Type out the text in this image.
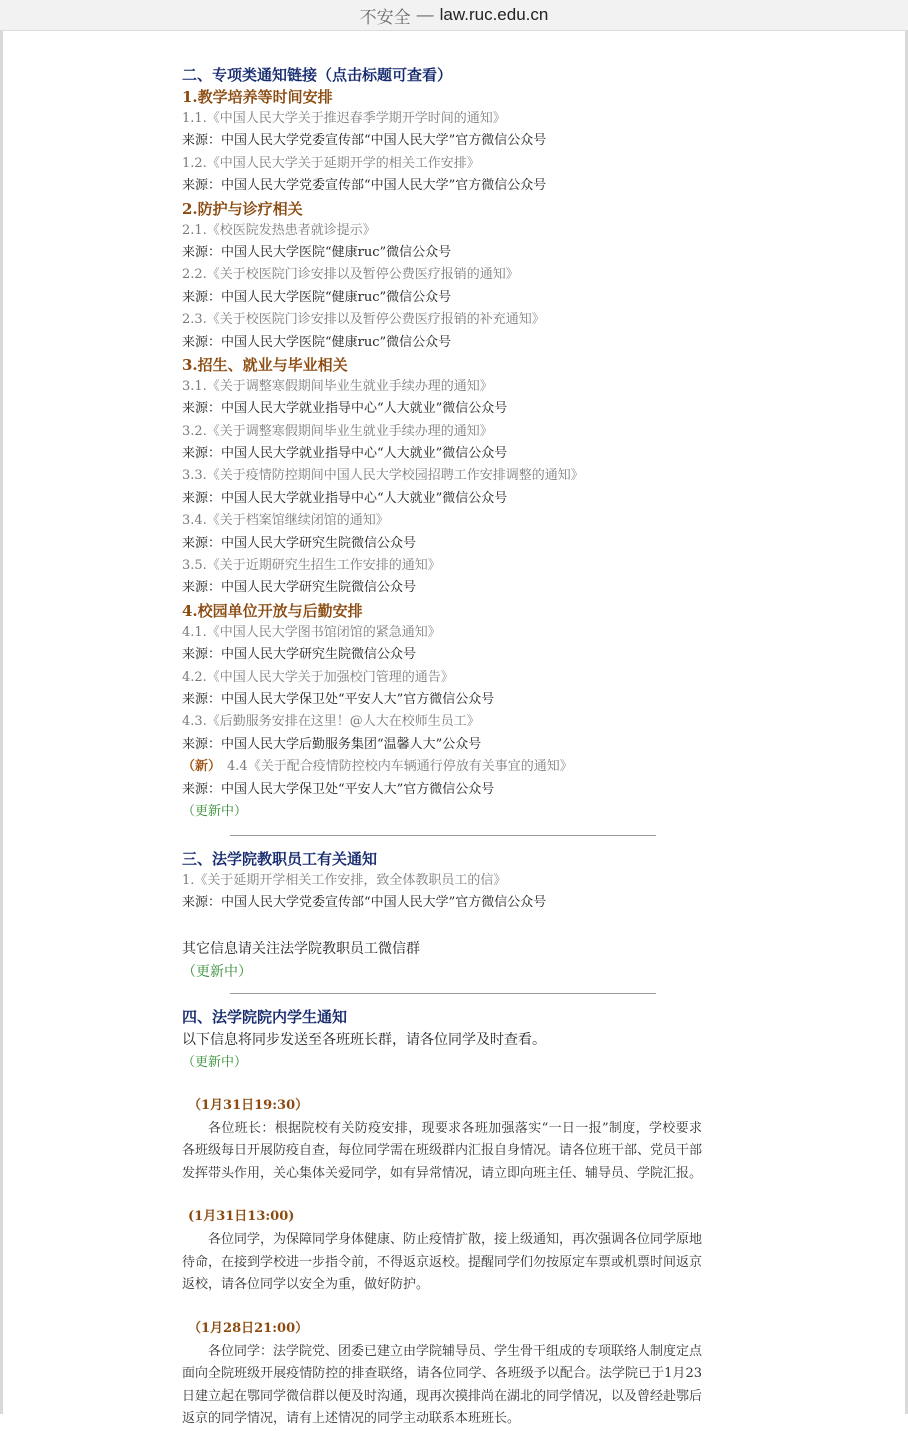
不安全 — law.ruc.edu.cn
二、专项类通知链接（点击标题可查看）
1.教学培养等时间安排
1.1.《中国人民大学关于推迟春季学期开学时间的通知》
来源：中国人民大学党委宣传部“中国人民大学”官方微信公众号
1.2.《中国人民大学关于延期开学的相关工作安排》
来源：中国人民大学党委宣传部“中国人民大学”官方微信公众号
2.防护与诊疗相关
2.1.《校医院发热患者就诊提示》
来源：中国人民大学医院“健康ruc”微信公众号
2.2.《关于校医院门诊安排以及暂停公费医疗报销的通知》
来源：中国人民大学医院“健康ruc”微信公众号
2.3.《关于校医院门诊安排以及暂停公费医疗报销的补充通知》
来源：中国人民大学医院“健康ruc”微信公众号
3.招生、就业与毕业相关
3.1.《关于调整寒假期间毕业生就业手续办理的通知》
来源：中国人民大学就业指导中心“人大就业”微信公众号
3.2.《关于调整寒假期间毕业生就业手续办理的通知》
来源：中国人民大学就业指导中心“人大就业”微信公众号
3.3.《关于疫情防控期间中国人民大学校园招聘工作安排调整的通知》
来源：中国人民大学就业指导中心“人大就业”微信公众号
3.4.《关于档案馆继续闭馆的通知》
来源：中国人民大学研究生院微信公众号
3.5.《关于近期研究生招生工作安排的通知》
来源：中国人民大学研究生院微信公众号
4.校园单位开放与后勤安排
4.1.《中国人民大学图书馆闭馆的紧急通知》
来源：中国人民大学研究生院微信公众号
4.2.《中国人民大学关于加强校门管理的通告》
来源：中国人民大学保卫处“平安人大”官方微信公众号
4.3.《后勤服务安排在这里！@人大在校师生员工》
来源：中国人民大学后勤服务集团“温馨人大”公众号
（新） 4.4《关于配合疫情防控校内车辆通行停放有关事宜的通知》
来源：中国人民大学保卫处“平安人大”官方微信公众号
（更新中）
三、法学院教职员工有关通知
1.《关于延期开学相关工作安排，致全体教职员工的信》
来源：中国人民大学党委宣传部“中国人民大学”官方微信公众号
其它信息请关注法学院教职员工微信群
（更新中）
四、法学院院内学生通知
以下信息将同步发送至各班班长群，请各位同学及时查看。
（更新中）
（1月31日19:30）
各位班长：根据院校有关防疫安排，现要求各班加强落实“一日一报”制度，学校要求各班级每日开展防疫自查，每位同学需在班级群内汇报自身情况。请各位班干部、党员干部发挥带头作用，关心集体关爱同学，如有异常情况，请立即向班主任、辅导员、学院汇报。
(1月31日13:00)
各位同学，为保障同学身体健康、防止疫情扩散，接上级通知，再次强调各位同学原地待命，在接到学校进一步指令前，不得返京返校。提醒同学们勿按原定车票或机票时间返京返校，请各位同学以安全为重，做好防护。
（1月28日21:00）
各位同学：法学院党、团委已建立由学院辅导员、学生骨干组成的专项联络人制度定点面向全院班级开展疫情防控的排查联络，请各位同学、各班级予以配合。法学院已于1月23日建立起在鄂同学微信群以便及时沟通，现再次摸排尚在湖北的同学情况，以及曾经赴鄂后返京的同学情况，请有上述情况的同学主动联系本班班长。
